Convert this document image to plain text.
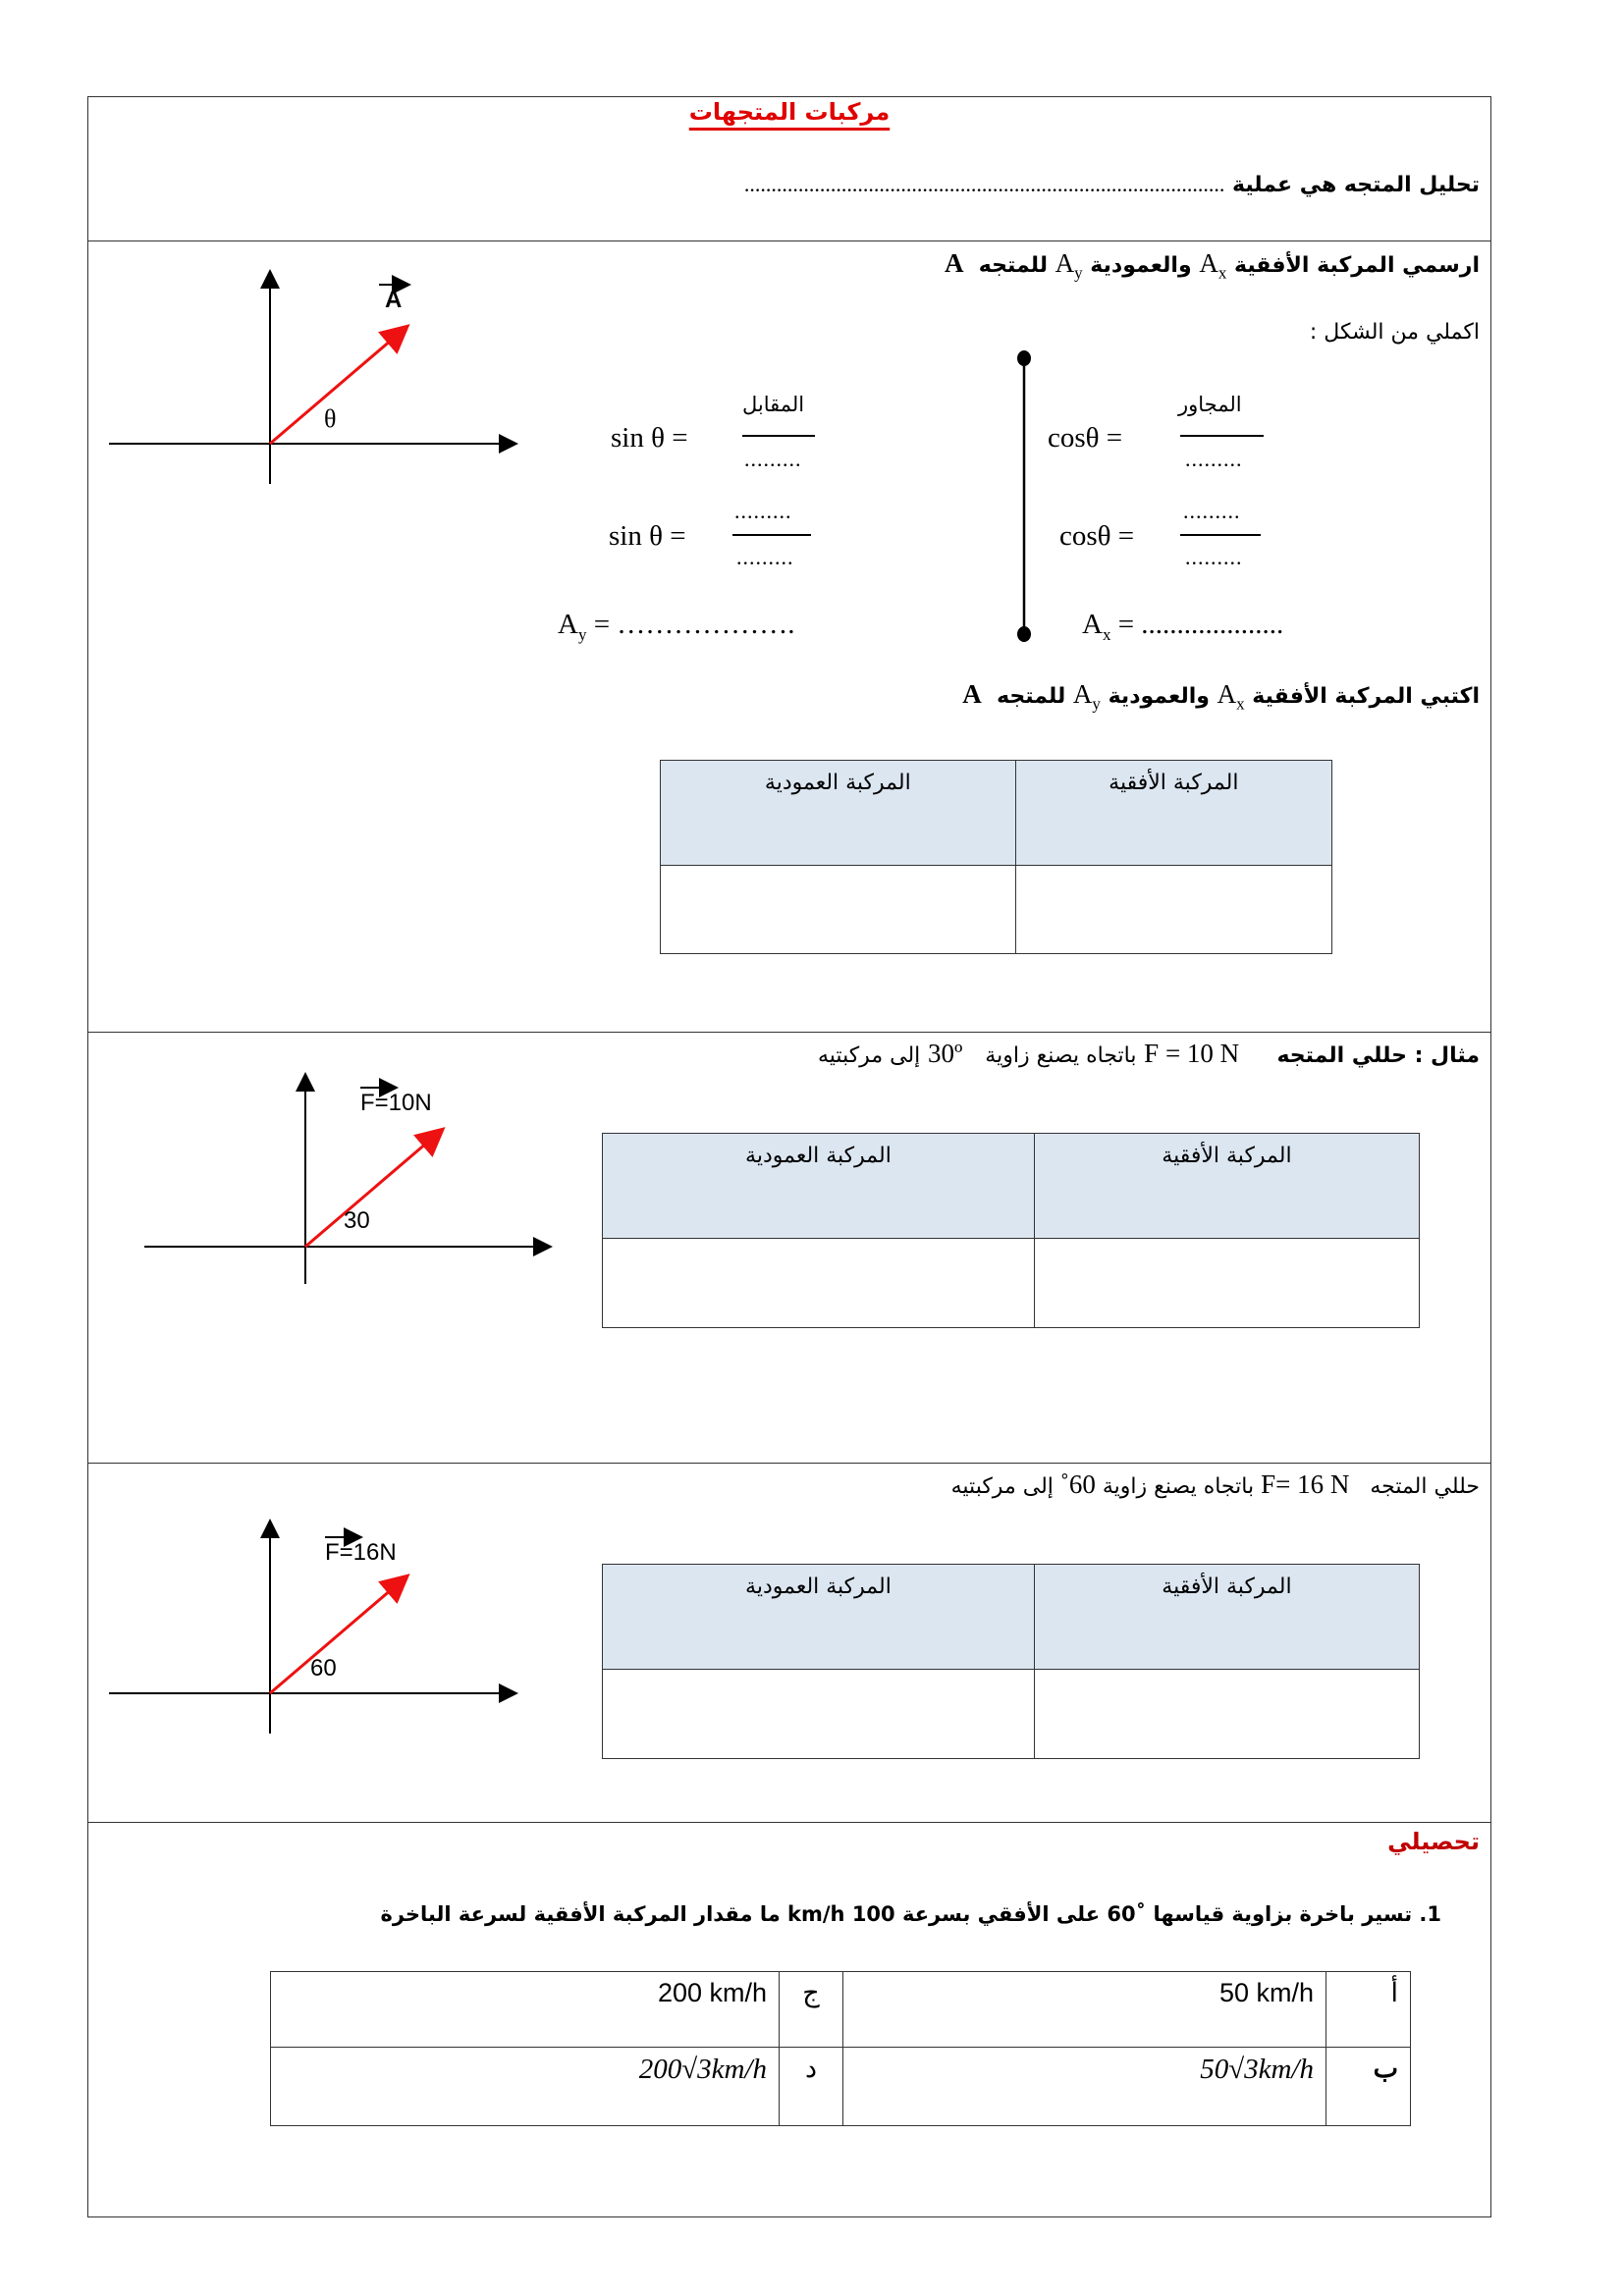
مركبات المتجهات
تحليل المتجه هي عملية .........................................................................................
ارسمي المركبة الأفقية $A_x$ والعمودية $A_y$ للمتجه  A
اكملي من الشكل :
A
θ
sin θ =
المقابل
.........
sin θ =
.........
.........
$A_y$ = ……………….
cosθ =
المجاور
.........
cosθ =
.........
.........
$A_x$ = ....................
اكتبي المركبة الأفقية $A_x$ والعمودية $A_y$ للمتجه  A
المركبة العمودية	المركبة الأفقية

مثال : حللي المتجه     F = 10 N باتجاه يصنع زاوية   30º إلى مركبتيه
F=10N
30
المركبة العمودية	المركبة الأفقية

حللي المتجه   F= 16 N باتجاه يصنع زاوية 60˚ إلى مركبتيه
F=16N
60
المركبة العمودية	المركبة الأفقية

تحصيلي
1. تسير باخرة بزاوية قياسها ˚60 على الأفقي بسرعة 100 km/h ما مقدار المركبة الأفقية لسرعة الباخرة
200 km/h	ج	50 km/h	أ
200√3km/h	د	50√3km/h	ب
